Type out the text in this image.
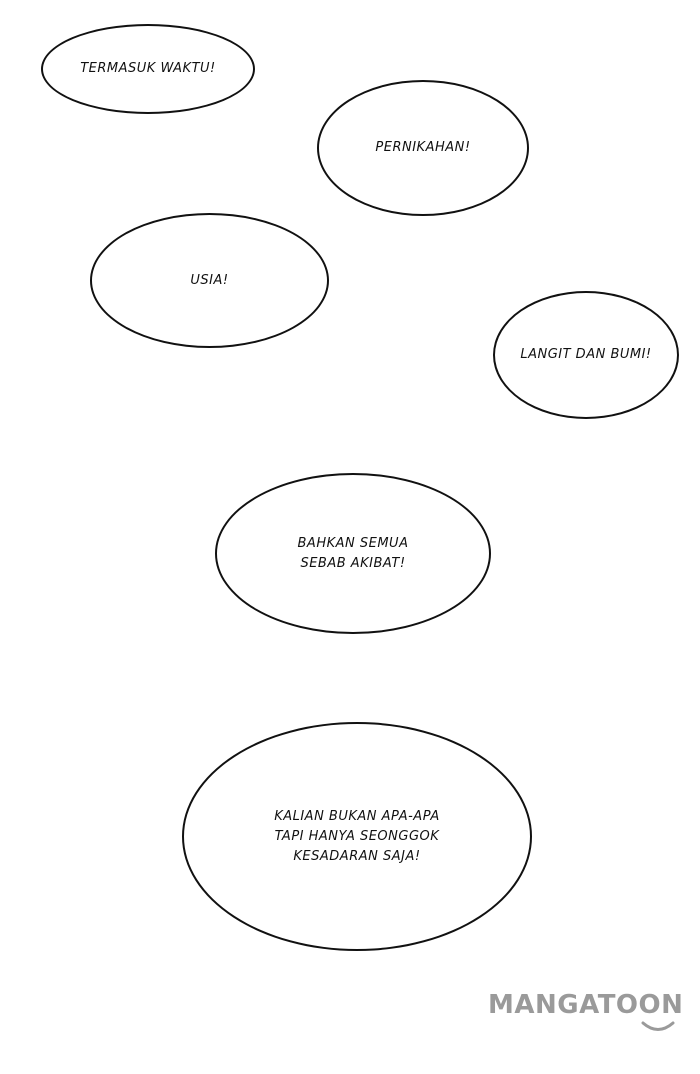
TERMASUK WAKTU!
PERNIKAHAN!
USIA!
LANGIT DAN BUMI!
BAHKAN SEMUA
SEBAB AKIBAT!
KALIAN BUKAN APA-APA
TAPI HANYA SEONGGOK
KESADARAN SAJA!
MANGATOON
